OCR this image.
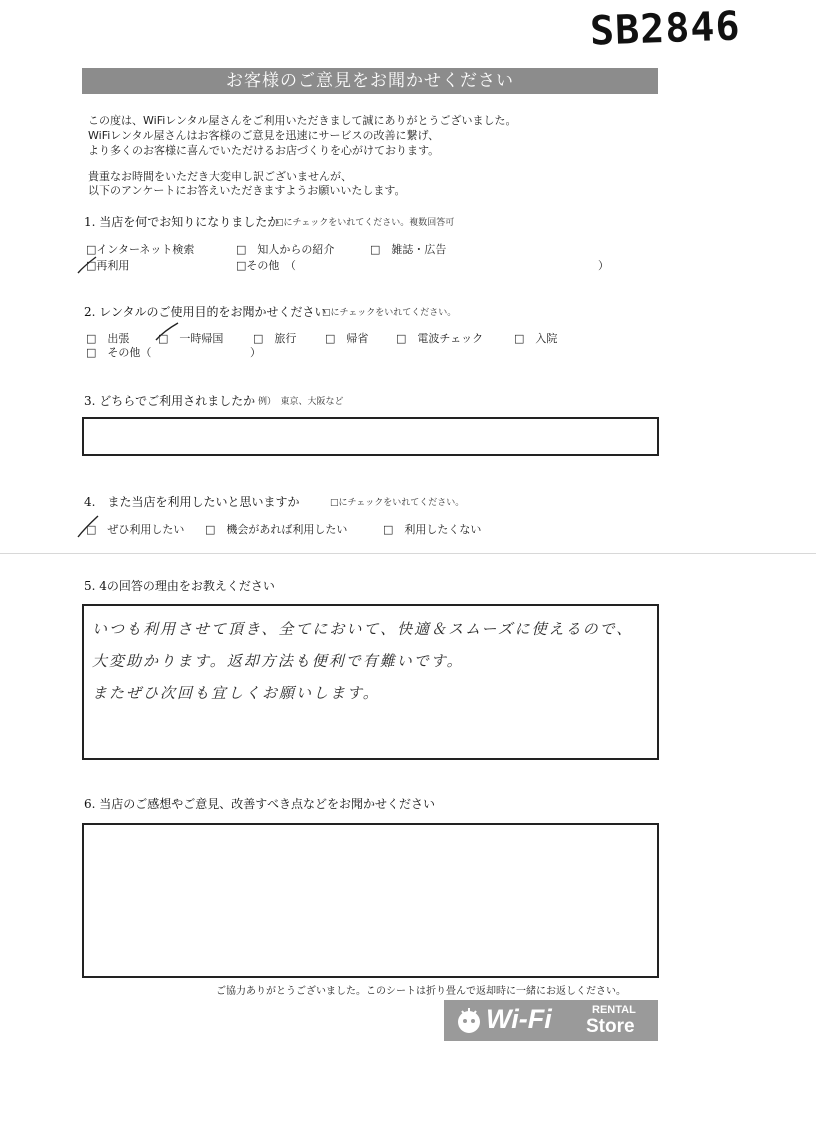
SB2846
お客様のご意見をお聞かせください
この度は、WiFiレンタル屋さんをご利用いただきまして誠にありがとうございました。
WiFiレンタル屋さんはお客様のご意見を迅速にサービスの改善に繋げ、
より多くのお客様に喜んでいただけるお店づくりを心がけております。
貴重なお時間をいただき大変申し訳ございませんが、
以下のアンケートにお答えいただきますようお願いいたします。
1. 当店を何でお知りになりましたか
□にチェックをいれてください。複数回答可
□インターネット検索	□　知人からの紹介	□　雑誌・広告
□再利用	□その他　（	）
2. レンタルのご使用目的をお聞かせください
□にチェックをいれてください。
□　出張	□　一時帰国	□　旅行	□　帰省	□　電波チェック	□　入院
□　その他（	）
3. どちらでご利用されましたか 例）　東京、大阪など
4.　また当店を利用したいと思いますか	□にチェックをいれてください。
□　ぜひ利用したい □　機会があれば利用したい	□　利用したくない
5. 4の回答の理由をお教えください
いつも利用させて頂き、全てにおいて、快適＆スムーズに使えるので、
大変助かります。返却方法も便利で有難いです。
またぜひ次回も宜しくお願いします。
6. 当店のご感想やご意見、改善すべき点などをお聞かせください
ご協力ありがとうございました。このシートは折り畳んで返却時に一緒にお返しください。
Wi-Fi	RENTAL
Store
